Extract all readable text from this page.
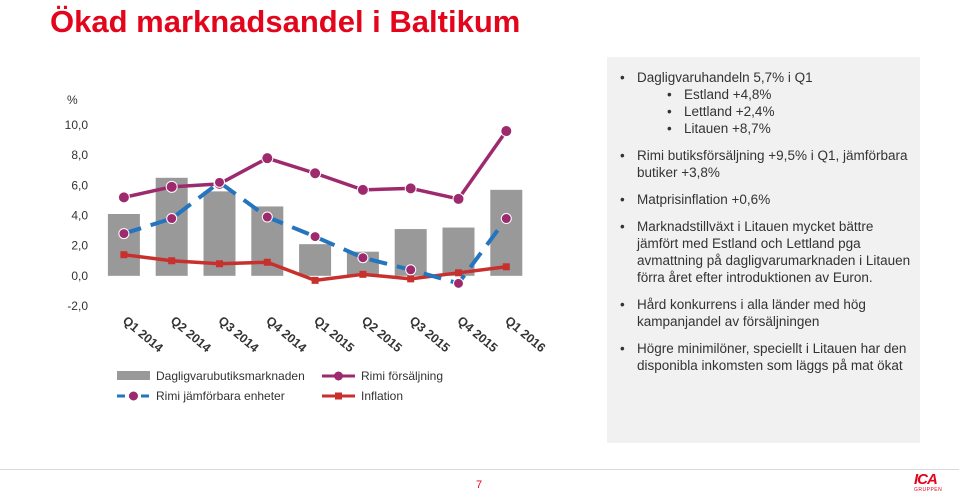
Ökad marknadsandel i Baltikum
%
10,0
8,0
6,0
4,0
2,0
0,0
-2,0
Q1 2014 Q2 2014 Q3 2014 Q4 2014 Q1 2015 Q2 2015 Q3 2015 Q4 2015 Q1 2016
Dagligvarubutiksmarknaden	Rimi försäljning
Rimi jämförbara enheter	Inflation
• Dagligvaruhandeln 5,7% i Q1
• Estland +4,8%
• Lettland +2,4%
• Litauen +8,7%
• Rimi butiksförsäljning +9,5% i Q1, jämförbara butiker +3,8%
• Matprisinflation +0,6%
• Marknadstillväxt i Litauen mycket bättre jämfört med Estland och Lettland pga avmattning på dagligvarumarknaden i Litauen förra året efter introduktionen av Euron.
• Hård konkurrens i alla länder med hög kampanjandel av försäljningen
• Högre minimilöner, speciellt i Litauen har den disponibla inkomsten som läggs på mat ökat
7	ICA
GRUPPEN
